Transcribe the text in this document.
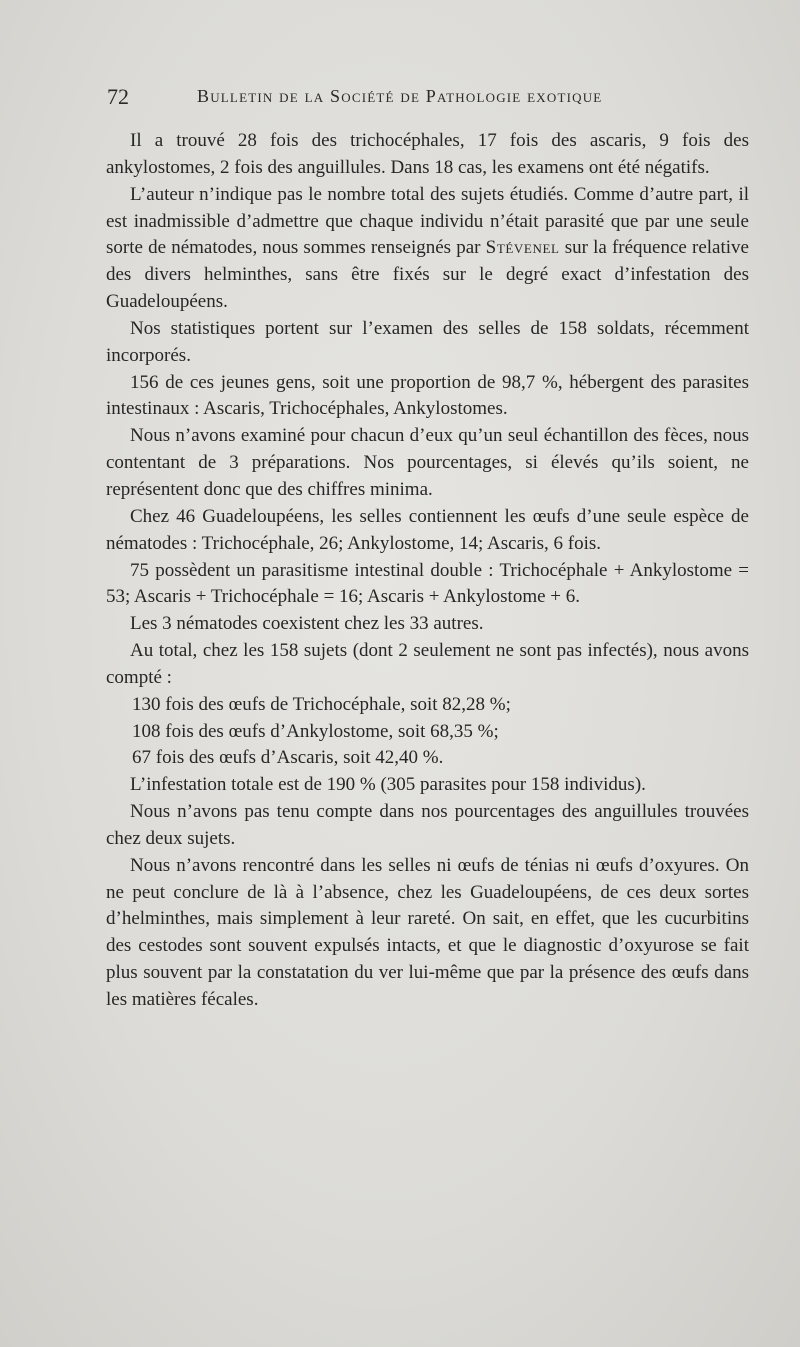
72	Bulletin de la Société de Pathologie exotique

Il a trouvé 28 fois des trichocéphales, 17 fois des ascaris, 9 fois des ankylostomes, 2 fois des anguillules. Dans 18 cas, les examens ont été négatifs.

L’auteur n’indique pas le nombre total des sujets étudiés. Comme d’autre part, il est inadmissible d’admettre que chaque individu n’était parasité que par une seule sorte de nématodes, nous sommes renseignés par Stévenel sur la fréquence relative des divers helminthes, sans être fixés sur le degré exact d’infestation des Guadeloupéens.

Nos statistiques portent sur l’examen des selles de 158 soldats, récemment incorporés.

156 de ces jeunes gens, soit une proportion de 98,7 %, hébergent des parasites intestinaux : Ascaris, Trichocéphales, Ankylostomes.

Nous n’avons examiné pour chacun d’eux qu’un seul échantillon des fèces, nous contentant de 3 préparations. Nos pourcentages, si élevés qu’ils soient, ne représentent donc que des chiffres minima.

Chez 46 Guadeloupéens, les selles contiennent les œufs d’une seule espèce de nématodes : Trichocéphale, 26; Ankylostome, 14; Ascaris, 6 fois.

75 possèdent un parasitisme intestinal double : Trichocéphale + Ankylostome = 53; Ascaris + Trichocéphale = 16; Ascaris + Ankylostome + 6.

Les 3 nématodes coexistent chez les 33 autres.

Au total, chez les 158 sujets (dont 2 seulement ne sont pas infectés), nous avons compté :

130 fois des œufs de Trichocéphale, soit 82,28 %;

108 fois des œufs d’Ankylostome, soit 68,35 %;

67 fois des œufs d’Ascaris, soit 42,40 %.

L’infestation totale est de 190 % (305 parasites pour 158 individus).

Nous n’avons pas tenu compte dans nos pourcentages des anguillules trouvées chez deux sujets.

Nous n’avons rencontré dans les selles ni œufs de ténias ni œufs d’oxyures. On ne peut conclure de là à l’absence, chez les Guadeloupéens, de ces deux sortes d’helminthes, mais simplement à leur rareté. On sait, en effet, que les cucurbitins des cestodes sont souvent expulsés intacts, et que le diagnostic d’oxyurose se fait plus souvent par la constatation du ver lui-même que par la présence des œufs dans les matières fécales.
